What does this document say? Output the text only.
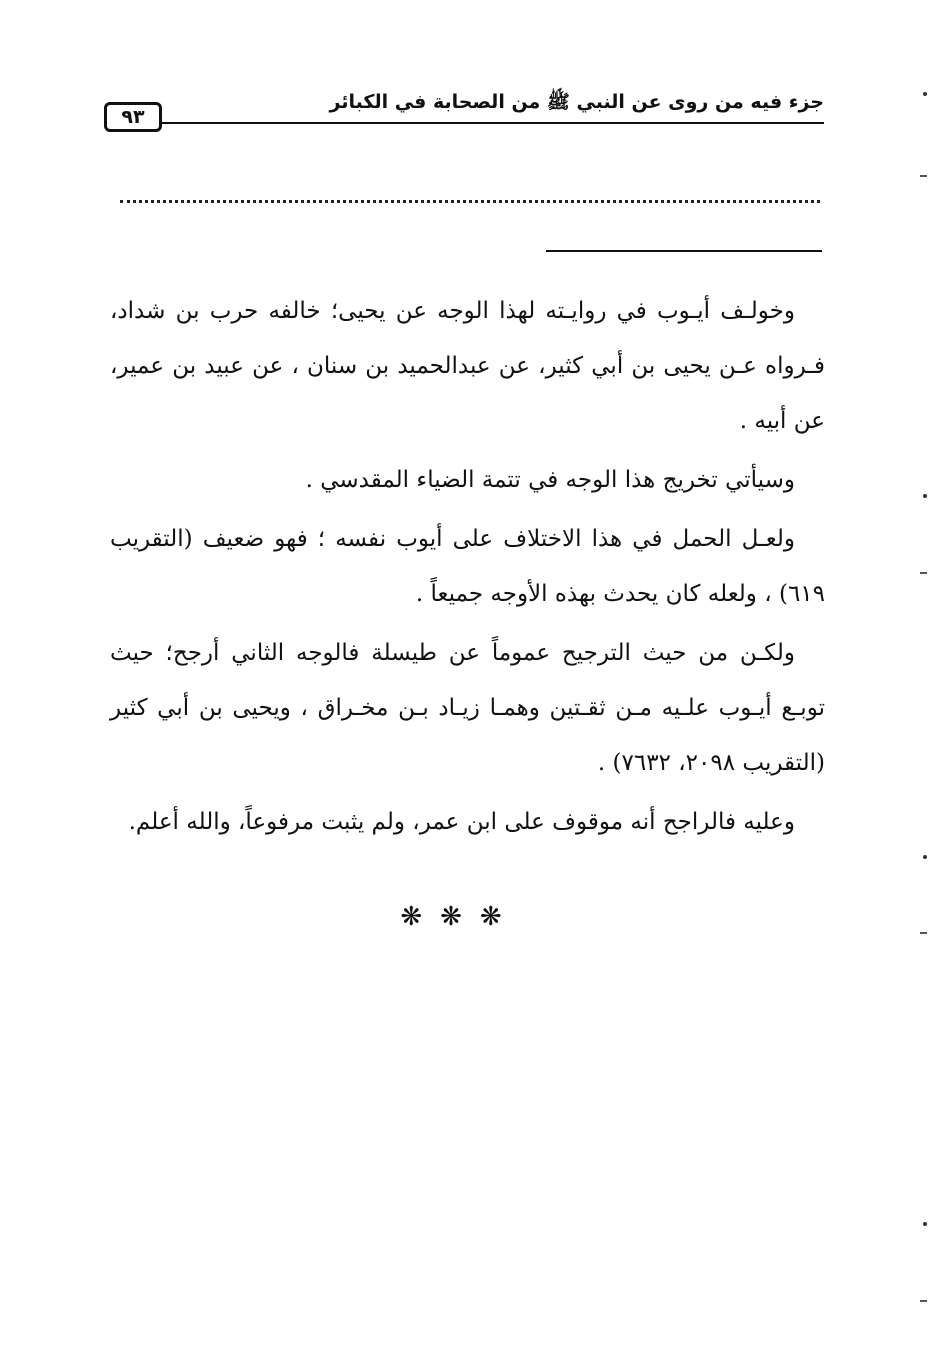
جزء فيه من روى عن النبي ﷺ من الصحابة في الكبائر
٩٣

وخولـف أيـوب في روايـته لهذا الوجه عن يحيى؛ خالفه حرب بن شداد، فـرواه عـن يحيى بن أبي كثير، عن عبدالحميد بن سنان ، عن عبيد بن عمير، عن أبيه .

وسيأتي تخريج هذا الوجه في تتمة الضياء المقدسي .

ولعـل الحمل في هذا الاختلاف على أيوب نفسه ؛ فهو ضعيف (التقريب ٦١٩) ، ولعله كان يحدث بهذه الأوجه جميعاً .

ولكـن من حيث الترجيح عموماً عن طيسلة فالوجه الثاني أرجح؛ حيث توبـع أيـوب علـيه مـن ثقـتين وهمـا زيـاد بـن مخـراق ، ويحيى بن أبي كثير (التقريب ٢٠٩٨، ٧٦٣٢) .

وعليه فالراجح أنه موقوف على ابن عمر، ولم يثبت مرفوعاً، والله أعلم.

❋❋❋
